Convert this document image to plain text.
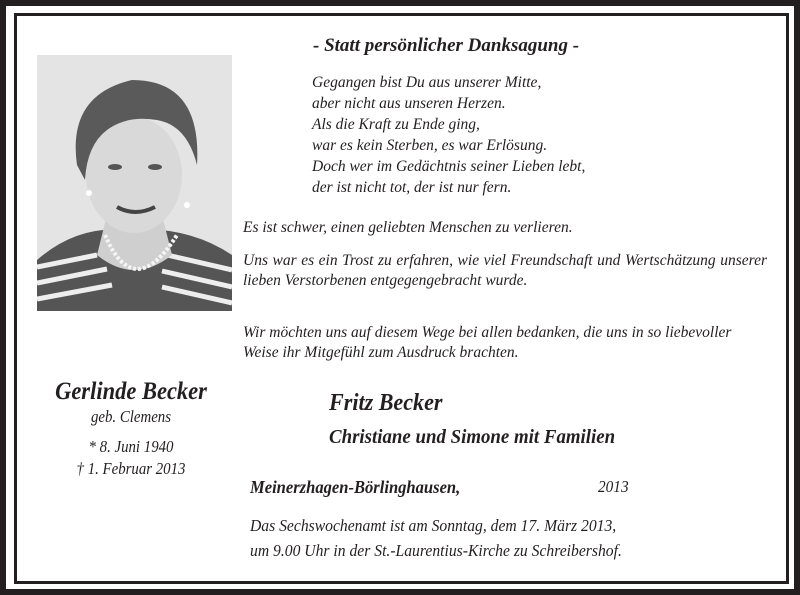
- Statt persönlicher Danksagung -
Gegangen bist Du aus unserer Mitte,
aber nicht aus unseren Herzen.
Als die Kraft zu Ende ging,
war es kein Sterben, es war Erlösung.
Doch wer im Gedächtnis seiner Lieben lebt,
der ist nicht tot, der ist nur fern.
Es ist schwer, einen geliebten Menschen zu verlieren.
Uns war es ein Trost zu erfahren, wie viel Freundschaft und Wertschätzung unserer lieben Verstorbenen entgegengebracht wurde.
Wir möchten uns auf diesem Wege bei allen bedanken, die uns in so liebevoller Weise ihr Mitgefühl zum Ausdruck brachten.
Gerlinde Becker
geb. Clemens
* 8. Juni 1940
† 1. Februar 2013
Fritz Becker
Christiane und Simone mit Familien
Meinerzhagen-Börlinghausen,	2013
Das Sechswochenamt ist am Sonntag, dem 17. März 2013,
um 9.00 Uhr in der St.-Laurentius-Kirche zu Schreibershof.
